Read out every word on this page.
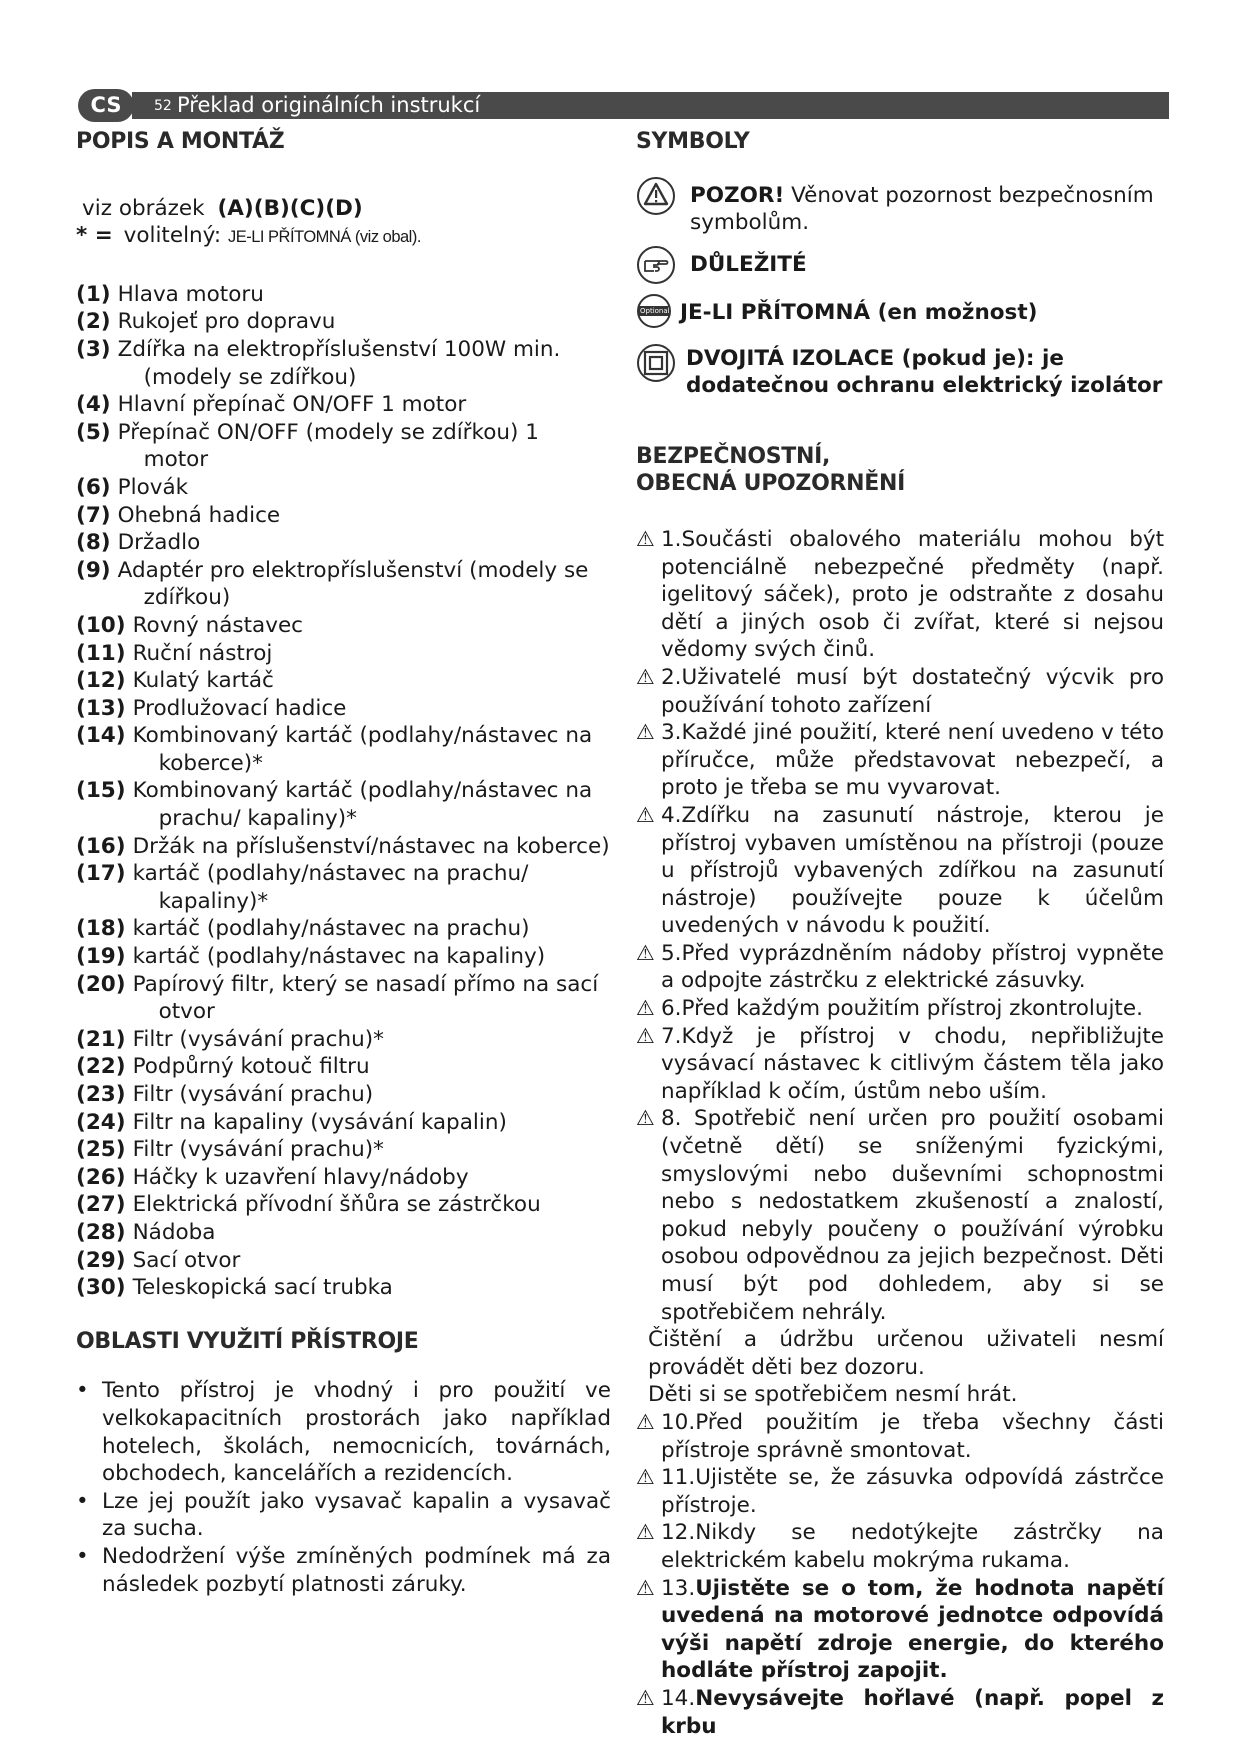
CS	52 Překlad originálních instrukcí
POPIS A MONTÁŽ
viz obrázek (A)(B)(C)(D)
* = volitelný: JE-LI PŘÍTOMNÁ (viz obal).
(1) Hlava motoru
(2) Rukojeť pro dopravu
(3) Zdířka na elektropříslušenství 100W min.
(modely se zdířkou)
(4) Hlavní přepínač ON/OFF 1 motor
(5) Přepínač ON/OFF (modely se zdířkou) 1
motor
(6) Plovák
(7) Ohebná hadice
(8) Držadlo
(9) Adaptér pro elektropříslušenství (modely se
zdířkou)
(10) Rovný nástavec
(11) Ruční nástroj
(12) Kulatý kartáč
(13) Prodlužovací hadice
(14) Kombinovaný kartáč (podlahy/nástavec na
koberce)*
(15) Kombinovaný kartáč (podlahy/nástavec na
prachu/ kapaliny)*
(16) Držák na příslušenství/nástavec na koberce)
(17) kartáč (podlahy/nástavec na prachu/
kapaliny)*
(18) kartáč (podlahy/nástavec na prachu)
(19) kartáč (podlahy/nástavec na kapaliny)
(20) Papírový filtr, který se nasadí přímo na sací
otvor
(21) Filtr (vysávání prachu)*
(22) Podpůrný kotouč filtru
(23) Filtr (vysávání prachu)
(24) Filtr na kapaliny (vysávání kapalin)
(25) Filtr (vysávání prachu)*
(26) Háčky k uzavření hlavy/nádoby
(27) Elektrická přívodní šňůra se zástrčkou
(28) Nádoba
(29) Sací otvor
(30) Teleskopická sací trubka
OBLASTI VYUŽITÍ PŘÍSTROJE
• Tento přístroj je vhodný i pro použití ve velkokapacitních prostorách jako například hotelech, školách, nemocnicích, továrnách, obchodech, kancelářích a rezidencích.
• Lze jej použít jako vysavač kapalin a vysavač za sucha.
• Nedodržení výše zmíněných podmínek má za následek pozbytí platnosti záruky.
SYMBOLY
POZOR! Věnovat pozornost bezpečnosním symbolům.
DŮLEŽITÉ
Optional JE-LI PŘÍTOMNÁ (en možnost)
DVOJITÁ IZOLACE (pokud je): je dodatečnou ochranu elektrický izolátor
BEZPEČNOSTNÍ,
OBECNÁ UPOZORNĚNÍ
⚠ 1.Součásti obalového materiálu mohou být potenciálně nebezpečné předměty (např. igelitový sáček), proto je odstraňte z dosahu dětí a jiných osob či zvířat, které si nejsou vědomy svých činů.
⚠ 2.Uživatelé musí být dostatečný výcvik pro používání tohoto zařízení
⚠ 3.Každé jiné použití, které není uvedeno v této příručce, může představovat nebezpečí, a proto je třeba se mu vyvarovat.
⚠ 4.Zdířku na zasunutí nástroje, kterou je přístroj vybaven umístěnou na přístroji (pouze u přístrojů vybavených zdířkou na zasunutí nástroje) používejte pouze k účelům uvedených v návodu k použití.
⚠ 5.Před vyprázdněním nádoby přístroj vypněte a odpojte zástrčku z elektrické zásuvky.
⚠ 6.Před každým použitím přístroj zkontrolujte.
⚠ 7.Když je přístroj v chodu, nepřibližujte vysávací nástavec k citlivým částem těla jako například k očím, ústům nebo uším.
⚠ 8. Spotřebič není určen pro použití osobami (včetně dětí) se sníženými fyzickými, smyslovými nebo duševními schopnostmi nebo s nedostatkem zkušeností a znalostí, pokud nebyly poučeny o používání výrobku osobou odpovědnou za jejich bezpečnost. Děti musí být pod dohledem, aby si se spotřebičem nehrály.
Čištění a údržbu určenou uživateli nesmí provádět děti bez dozoru.
Děti si se spotřebičem nesmí hrát.
⚠ 10.Před použitím je třeba všechny části přístroje správně smontovat.
⚠ 11.Ujistěte se, že zásuvka odpovídá zástrčce přístroje.
⚠ 12.Nikdy se nedotýkejte zástrčky na elektrickém kabelu mokrýma rukama.
⚠ 13.Ujistěte se o tom, že hodnota napětí uvedená na motorové jednotce odpovídá výši napětí zdroje energie, do kterého hodláte přístroj zapojit.
⚠ 14.Nevysávejte hořlavé (např. popel z krbu
